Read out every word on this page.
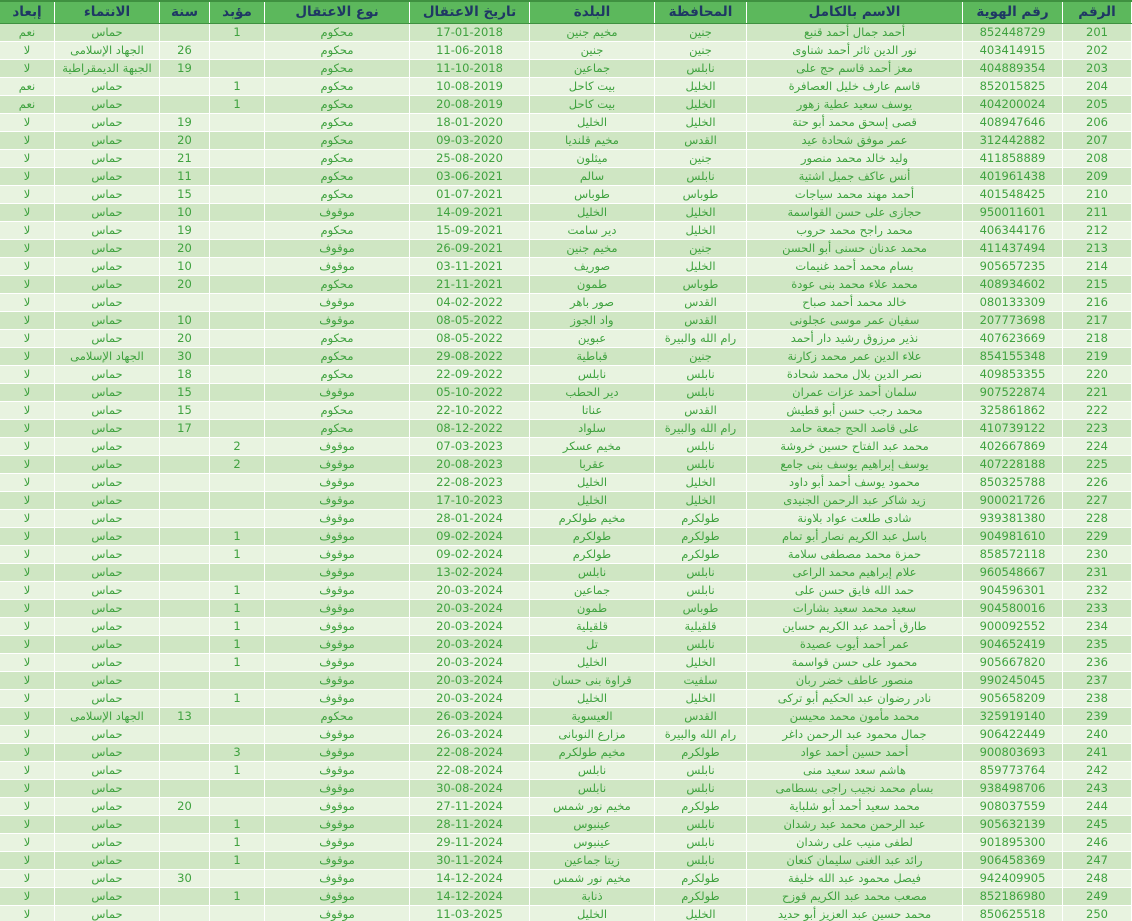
الرقم	رقم الهوية	الاسم بالكامل	المحافظة	البلدة	تاريخ الاعتقال	نوع الاعتقال	مؤبد	سنة	الانتماء	إبعاد
201	852448729	أحمد جمال أحمد قنبع	جنين	مخيم جنين	17-01-2018	محكوم	1		حماس	نعم
202	403414915	نور الدين ثائر أحمد شناوى	جنين	جنين	11-06-2018	محكوم		26	الجهاد الإسلامى	لا
203	404889354	معز أحمد قاسم حج على	نابلس	جماعين	11-10-2018	محكوم		19	الجبهة الديمقراطية	لا
204	852015825	قاسم عارف خليل العصافرة	الخليل	بيت كاحل	10-08-2019	محكوم	1		حماس	نعم
205	404200024	يوسف سعيد عطية زهور	الخليل	بيت كاحل	20-08-2019	محكوم	1		حماس	نعم
206	408947646	قصى إسحق محمد أبو حتة	الخليل	الخليل	18-01-2020	محكوم		19	حماس	لا
207	312442882	عمر موفق شحادة عيد	القدس	مخيم قلنديا	09-03-2020	محكوم		20	حماس	لا
208	411858889	وليد خالد محمد منصور	جنين	ميثلون	25-08-2020	محكوم		21	حماس	لا
209	401961438	أنس عاكف جميل اشتية	نابلس	سالم	03-06-2021	محكوم		11	حماس	لا
210	401548425	أحمد مهند محمد سياجات	طوباس	طوباس	01-07-2021	محكوم		15	حماس	لا
211	950011601	حجازى على حسن القواسمة	الخليل	الخليل	14-09-2021	موقوف		10	حماس	لا
212	406344176	محمد راجح محمد حروب	الخليل	دير سامت	15-09-2021	محكوم		19	حماس	لا
213	411437494	محمد عدنان حسنى أبو الحسن	جنين	مخيم جنين	26-09-2021	موقوف		20	حماس	لا
214	905657235	بسام محمد أحمد غنيمات	الخليل	صوريف	03-11-2021	موقوف		10	حماس	لا
215	408934602	محمد علاء محمد بنى عودة	طوباس	طمون	21-11-2021	محكوم		20	حماس	لا
216	080133309	خالد محمد أحمد صباح	القدس	صور باهر	04-02-2022	موقوف			حماس	لا
217	207773698	سفيان عمر موسى عجلونى	القدس	واد الجوز	08-05-2022	موقوف		10	حماس	لا
218	407623669	نذير مرزوق رشيد دار أحمد	رام الله والبيرة	عبوين	08-05-2022	محكوم		20	حماس	لا
219	854155348	علاء الدين عمر محمد زكارنة	جنين	قباطية	29-08-2022	محكوم		30	الجهاد الإسلامى	لا
220	409853355	نصر الدين بلال محمد شحادة	نابلس	نابلس	22-09-2022	محكوم		18	حماس	لا
221	907522874	سلمان أحمد عزات عمران	نابلس	دير الحطب	05-10-2022	موقوف		15	حماس	لا
222	325861862	محمد رجب حسن أبو قطيش	القدس	عناتا	22-10-2022	محكوم		15	حماس	لا
223	410739122	على قاصد الحج جمعة حامد	رام الله والبيرة	سلواد	08-12-2022	محكوم		17	حماس	لا
224	402667869	محمد عبد الفتاح حسين خروشة	نابلس	مخيم عسكر	07-03-2023	موقوف	2		حماس	لا
225	407228188	يوسف إبراهيم يوسف بنى جامع	نابلس	عقربا	20-08-2023	موقوف	2		حماس	لا
226	850325788	محمود يوسف أحمد أبو داود	الخليل	الخليل	22-08-2023	موقوف			حماس	لا
227	900021726	زيد شاكر عبد الرحمن الجنيدى	الخليل	الخليل	17-10-2023	موقوف			حماس	لا
228	939381380	شادى طلعت عواد بلاونة	طولكرم	مخيم طولكرم	28-01-2024	موقوف			حماس	لا
229	904981610	باسل عبد الكريم نصار أبو تمام	طولكرم	طولكرم	09-02-2024	موقوف	1		حماس	لا
230	858572118	حمزة محمد مصطفى سلامة	طولكرم	طولكرم	09-02-2024	موقوف	1		حماس	لا
231	960548667	علام إبراهيم محمد الراعى	نابلس	نابلس	13-02-2024	موقوف			حماس	لا
232	904596301	حمد الله فايق حسن على	نابلس	جماعين	20-03-2024	موقوف	1		حماس	لا
233	904580016	سعيد محمد سعيد بشارات	طوباس	طمون	20-03-2024	موقوف	1		حماس	لا
234	900092552	طارق أحمد عبد الكريم حساين	قلقيلية	قلقيلية	20-03-2024	موقوف	1		حماس	لا
235	904652419	عمر أحمد أيوب عصيدة	نابلس	تل	20-03-2024	موقوف	1		حماس	لا
236	905667820	محمود على حسن قواسمة	الخليل	الخليل	20-03-2024	موقوف	1		حماس	لا
237	990245045	منصور عاطف خضر ربان	سلفيت	قراوة بنى حسان	20-03-2024	موقوف			حماس	لا
238	905658209	نادر رضوان عبد الحكيم أبو تركى	الخليل	الخليل	20-03-2024	موقوف	1		حماس	لا
239	325919140	محمد مأمون محمد محيسن	القدس	العيسوية	26-03-2024	محكوم		13	الجهاد الإسلامى	لا
240	906422449	جمال محمود عبد الرحمن داغر	رام الله والبيرة	مزارع النوبانى	26-03-2024	موقوف			حماس	لا
241	900803693	أحمد حسين أحمد عواد	طولكرم	مخيم طولكرم	22-08-2024	موقوف	3		حماس	لا
242	859773764	هاشم سعد سعيد منى	نابلس	نابلس	22-08-2024	موقوف	1		حماس	لا
243	938498706	بسام محمد نجيب راجى بسطامى	نابلس	نابلس	30-08-2024	موقوف			حماس	لا
244	908037559	محمد سعيد أحمد أبو شلباية	طولكرم	مخيم نور شمس	27-11-2024	موقوف		20	حماس	لا
245	905632139	عبد الرحمن محمد عبد رشدان	نابلس	عينبوس	28-11-2024	موقوف	1		حماس	لا
246	901895300	لطفى منيب على رشدان	نابلس	عينبوس	29-11-2024	موقوف	1		حماس	لا
247	906458369	رائد عبد الغنى سليمان كنعان	نابلس	زيتا جماعين	30-11-2024	موقوف	1		حماس	لا
248	942409905	فيصل محمود عبد الله خليفة	طولكرم	مخيم نور شمس	14-12-2024	موقوف		30	حماس	لا
249	852186980	مصعب محمد عبد الكريم قوزح	طولكرم	ذنابة	14-12-2024	موقوف	1		حماس	لا
250	850625518	محمد حسين عبد العزيز أبو حديد	الخليل	الخليل	11-03-2025	موقوف			حماس	لا
